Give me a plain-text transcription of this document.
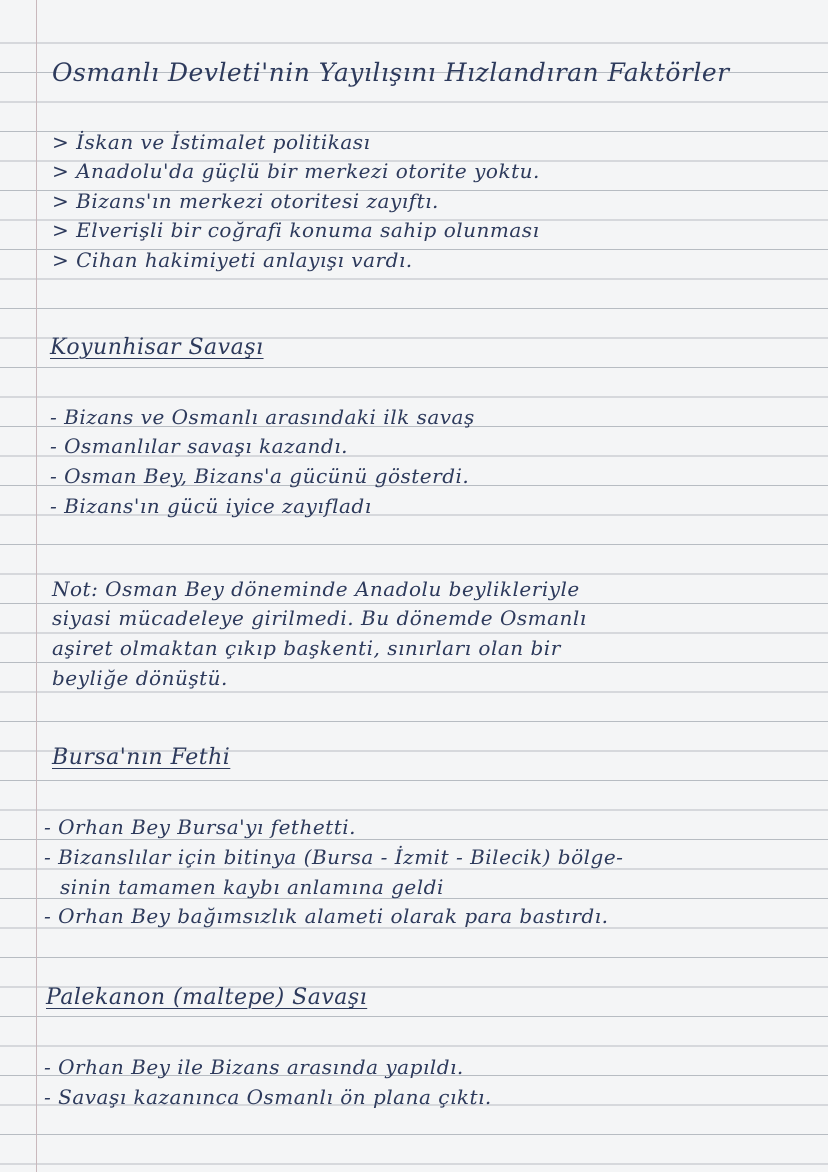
Osmanlı Devleti'nin Yayılışını Hızlandıran Faktörler
> İskan ve İstimalet politikası
> Anadolu'da güçlü bir merkezi otorite yoktu.
> Bizans'ın merkezi otoritesi zayıftı.
> Elverişli bir coğrafi konuma sahip olunması
> Cihan hakimiyeti anlayışı vardı.
Koyunhisar Savaşı
- Bizans ve Osmanlı arasındaki ilk savaş
- Osmanlılar savaşı kazandı.
- Osman Bey, Bizans'a gücünü gösterdi.
- Bizans'ın gücü iyice zayıfladı
Not: Osman Bey döneminde Anadolu beylikleriyle
siyasi mücadeleye girilmedi. Bu dönemde Osmanlı
aşiret olmaktan çıkıp başkenti, sınırları olan bir
beyliğe dönüştü.
Bursa'nın Fethi
- Orhan Bey Bursa'yı fethetti.
- Bizanslılar için bitinya (Bursa - İzmit - Bilecik) bölge-
sinin tamamen kaybı anlamına geldi
- Orhan Bey bağımsızlık alameti olarak para bastırdı.
Palekanon (maltepe) Savaşı
- Orhan Bey ile Bizans arasında yapıldı.
- Savaşı kazanınca Osmanlı ön plana çıktı.
